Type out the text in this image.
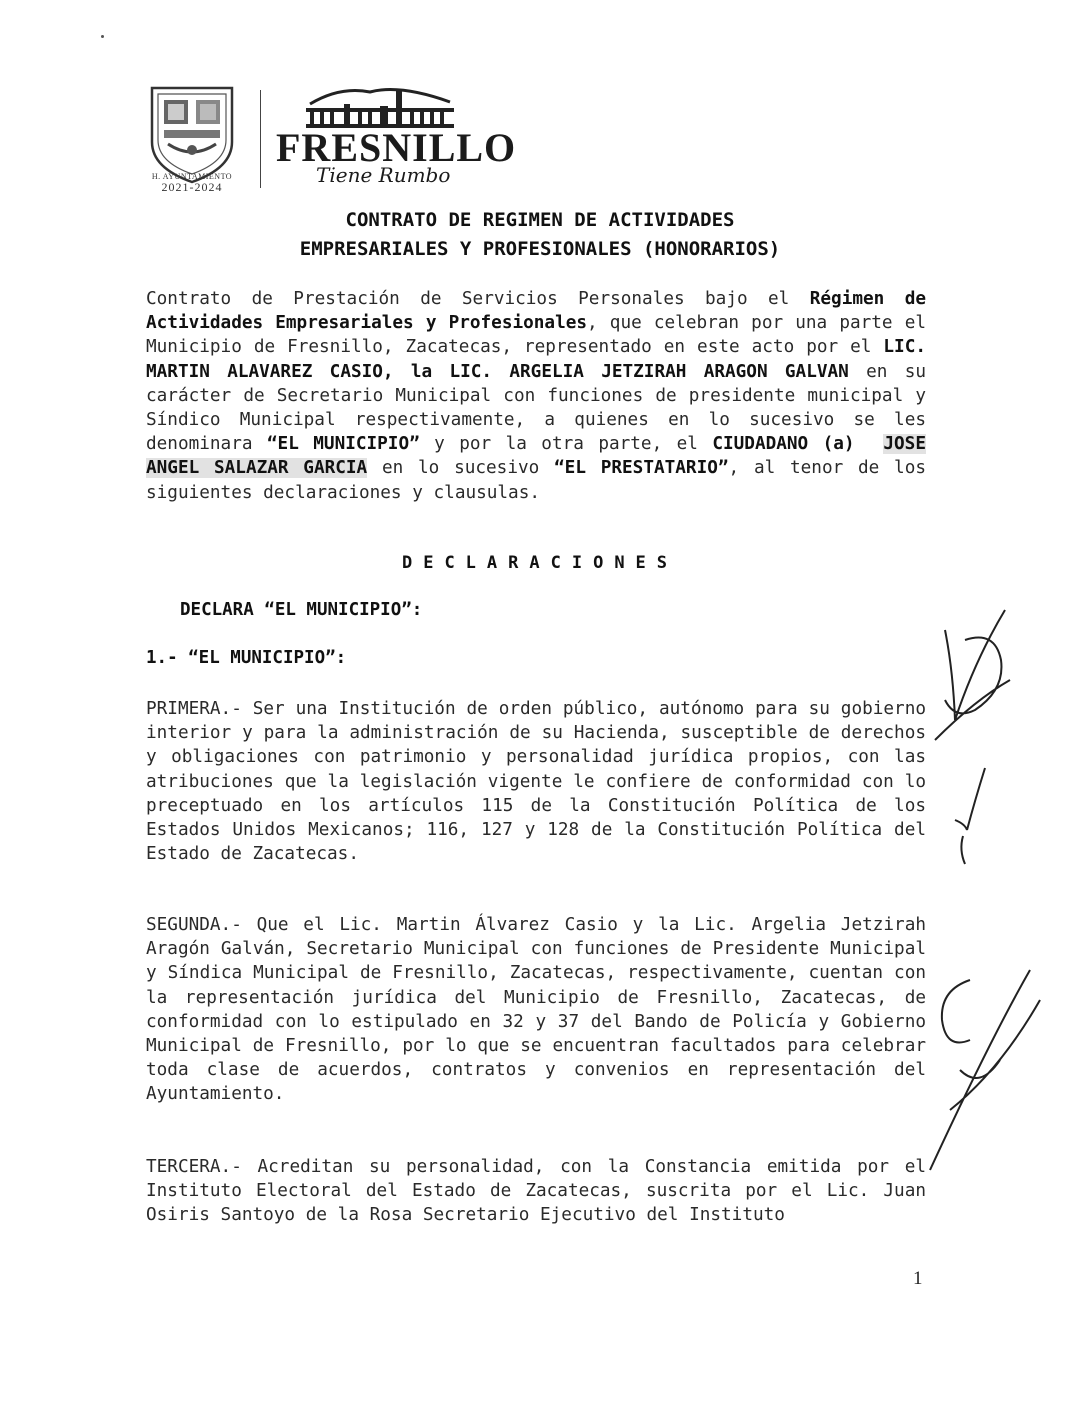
H. AYUNTAMIENTO
2021-2024
FRESNILLO
Tiene Rumbo
CONTRATO DE REGIMEN DE ACTIVIDADES
EMPRESARIALES Y PROFESIONALES (HONORARIOS)
Contrato de Prestación de Servicios Personales bajo el Régimen de Actividades Empresariales y Profesionales, que celebran por una parte el Municipio de Fresnillo, Zacatecas, representado en este acto por el LIC. MARTIN ALAVAREZ CASIO, la LIC. ARGELIA JETZIRAH ARAGON GALVAN en su carácter de Secretario Municipal con funciones de presidente municipal y Síndico Municipal respectivamente, a quienes en lo sucesivo se les denominara “EL MUNICIPIO” y por la otra parte, el CIUDADANO (a) JOSE ANGEL SALAZAR GARCIA en lo sucesivo “EL PRESTATARIO”, al tenor de los siguientes declaraciones y clausulas.
DECLARACIONES
DECLARA “EL MUNICIPIO”:
1.- “EL MUNICIPIO”:
PRIMERA.- Ser una Institución de orden público, autónomo para su gobierno interior y para la administración de su Hacienda, susceptible de derechos y obligaciones con patrimonio y personalidad jurídica propios, con las atribuciones que la legislación vigente le confiere de conformidad con lo preceptuado en los artículos 115 de la Constitución Política de los Estados Unidos Mexicanos; 116, 127 y 128 de la Constitución Política del Estado de Zacatecas.
SEGUNDA.- Que el Lic. Martin Álvarez Casio y la Lic. Argelia Jetzirah Aragón Galván, Secretario Municipal con funciones de Presidente Municipal y Síndica Municipal de Fresnillo, Zacatecas, respectivamente, cuentan con la representación jurídica del Municipio de Fresnillo, Zacatecas, de conformidad con lo estipulado en 32 y 37 del Bando de Policía y Gobierno Municipal de Fresnillo, por lo que se encuentran facultados para celebrar toda clase de acuerdos, contratos y convenios en representación del Ayuntamiento.
TERCERA.- Acreditan su personalidad, con la Constancia emitida por el Instituto Electoral del Estado de Zacatecas, suscrita por el Lic. Juan Osiris Santoyo de la Rosa Secretario Ejecutivo del Instituto
1
